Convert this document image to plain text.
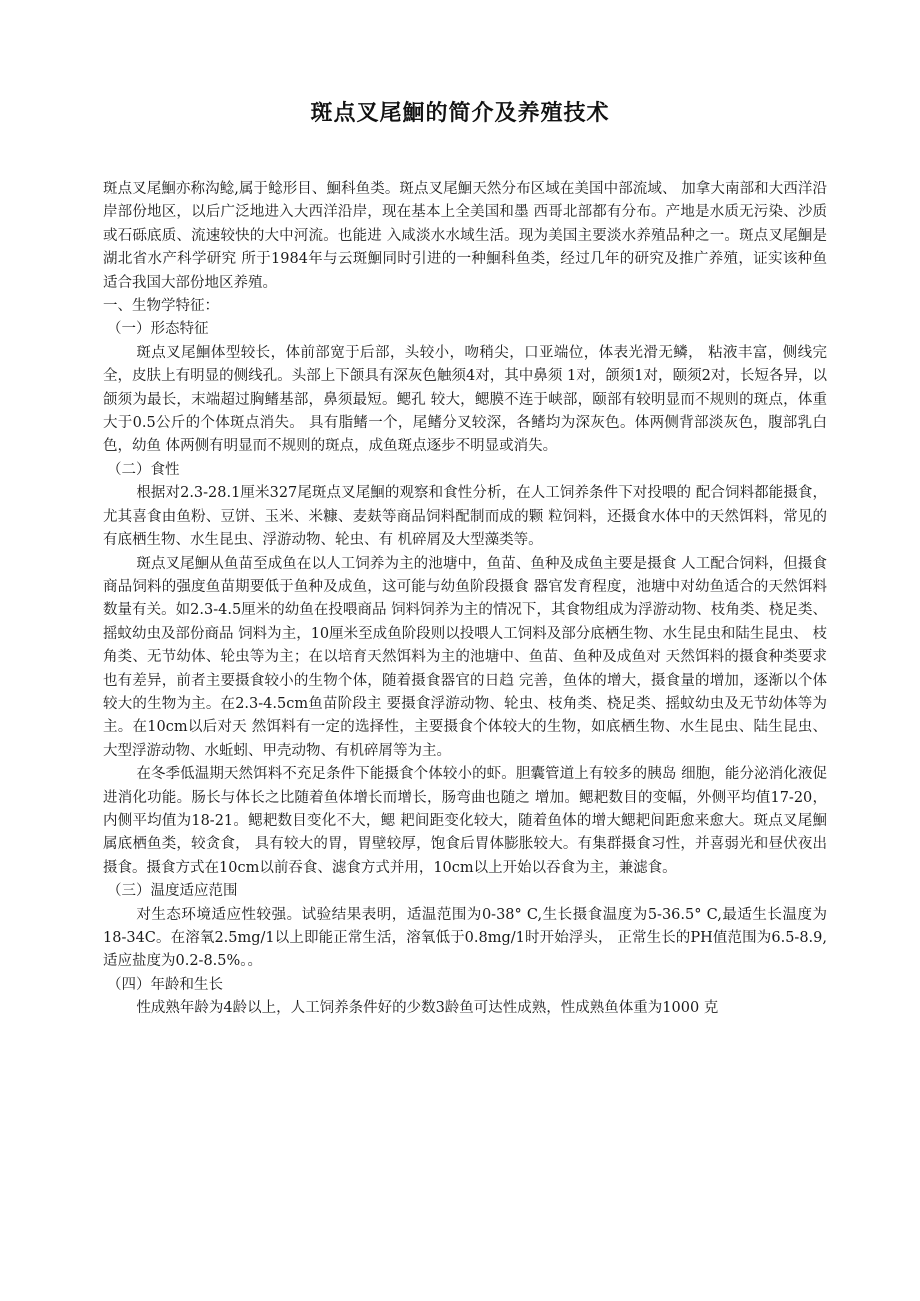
斑点叉尾鮰的简介及养殖技术

斑点叉尾鮰亦称沟鲶,属于鲶形目、鮰科鱼类。斑点叉尾鮰天然分布区域在美国中部流域、 加拿大南部和大西洋沿岸部份地区，以后广泛地进入大西洋沿岸，现在基本上全美国和墨 西哥北部都有分布。产地是水质无污染、沙质或石砾底质、流速较快的大中河流。也能进 入咸淡水水域生活。现为美国主要淡水养殖品种之一。斑点叉尾鮰是湖北省水产科学研究 所于1984年与云斑鮰同时引进的一种鮰科鱼类，经过几年的研究及推广养殖，证实该种鱼 适合我国大部份地区养殖。

一、生物学特征：

（一）形态特征

斑点叉尾鮰体型较长，体前部宽于后部，头较小，吻稍尖，口亚端位，体表光滑无鳞， 粘液丰富，侧线完全，皮肤上有明显的侧线孔。头部上下颌具有深灰色触须4对，其中鼻须 1对，颌须1对，颐须2对，长短各异，以颌须为最长，末端超过胸鳍基部，鼻须最短。鳃孔 较大，鳃膜不连于峡部，颐部有较明显而不规则的斑点，体重大于0.5公斤的个体斑点消失。 具有脂鳍一个，尾鳍分叉较深，各鳍均为深灰色。体两侧背部淡灰色，腹部乳白色，幼鱼 体两侧有明显而不规则的斑点，成鱼斑点逐步不明显或消失。

（二）食性

根据对2.3-28.1厘米327尾斑点叉尾鮰的观察和食性分析，在人工饲养条件下对投喂的 配合饲料都能摄食，尤其喜食由鱼粉、豆饼、玉米、米糠、麦麸等商品饲料配制而成的颗 粒饲料，还摄食水体中的天然饵料，常见的有底栖生物、水生昆虫、浮游动物、轮虫、有 机碎屑及大型藻类等。

斑点叉尾鮰从鱼苗至成鱼在以人工饲养为主的池塘中，鱼苗、鱼种及成鱼主要是摄食 人工配合饲料，但摄食商品饲料的强度鱼苗期要低于鱼种及成鱼，这可能与幼鱼阶段摄食 器官发育程度，池塘中对幼鱼适合的天然饵料数量有关。如2.3-4.5厘米的幼鱼在投喂商品 饲料饲养为主的情况下，其食物组成为浮游动物、枝角类、桡足类、摇蚊幼虫及部份商品 饲料为主，10厘米至成鱼阶段则以投喂人工饲料及部分底栖生物、水生昆虫和陆生昆虫、 枝角类、无节幼体、轮虫等为主；在以培育天然饵料为主的池塘中、鱼苗、鱼种及成鱼对 天然饵料的摄食种类要求也有差异，前者主要摄食较小的生物个体，随着摄食器官的日趋 完善，鱼体的增大，摄食量的增加，逐渐以个体较大的生物为主。在2.3-4.5cm鱼苗阶段主 要摄食浮游动物、轮虫、枝角类、桡足类、摇蚊幼虫及无节幼体等为主。在10cm以后对天 然饵料有一定的选择性，主要摄食个体较大的生物，如底栖生物、水生昆虫、陆生昆虫、 大型浮游动物、水蚯蚓、甲壳动物、有机碎屑等为主。

在冬季低温期天然饵料不充足条件下能摄食个体较小的虾。胆囊管道上有较多的胰岛 细胞，能分泌消化液促进消化功能。肠长与体长之比随着鱼体增长而增长，肠弯曲也随之 增加。鳃耙数目的变幅，外侧平均值17-20，内侧平均值为18-21。鳃耙数目变化不大，鳃 耙间距变化较大，随着鱼体的增大鳃耙间距愈来愈大。斑点叉尾鮰属底栖鱼类，较贪食， 具有较大的胃，胃壁较厚，饱食后胃体膨胀较大。有集群摄食习性，并喜弱光和昼伏夜出 摄食。摄食方式在10cm以前吞食、滤食方式并用，10cm以上开始以吞食为主，兼滤食。

（三）温度适应范围

对生态环境适应性较强。试验结果表明，适温范围为0-38° C,生长摄食温度为5-36.5° C,最适生长温度为18-34C。在溶氧2.5mg/1以上即能正常生活，溶氧低于0.8mg/1时开始浮头， 正常生长的PH值范围为6.5-8.9,适应盐度为0.2-8.5%。。

（四）年龄和生长

性成熟年龄为4龄以上，人工饲养条件好的少数3龄鱼可达性成熟，性成熟鱼体重为1000 克
